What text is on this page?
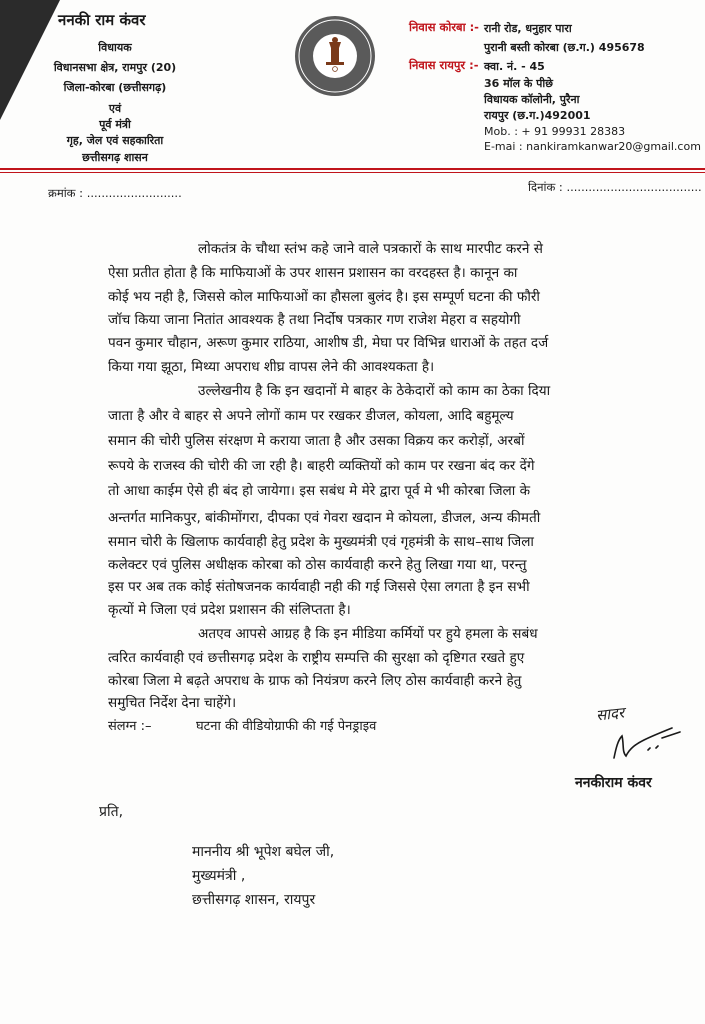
ननकी राम कंवर
विधायक
विधानसभा क्षेत्र, रामपुर (20)
जिला-कोरबा (छत्तीसगढ़)
एवं
पूर्व मंत्री
गृह, जेल एवं सहकारिता
छत्तीसगढ़ शासन
निवास कोरबा :- रानी रोड, धनुहार पारा
पुरानी बस्ती कोरबा (छ.ग.) 495678
निवास रायपुर :- क्वा. नं. - 45
36 मॉल के पीछे
विधायक कॉलोनी, पुरैना
रायपुर (छ.ग.)492001
Mob. : + 91 99931 28383
E-mai : nankiramkanwar20@gmail.com
क्रमांक : ..........................	दिनांक : .....................................
लोकतंत्र के चौथा स्तंभ कहे जाने वाले पत्रकारों के साथ मारपीट करने से
ऐसा प्रतीत होता है कि माफियाओं के उपर शासन प्रशासन का वरदहस्त है। कानून का
कोई भय नही है, जिससे कोल माफियाओं का हौसला बुलंद है। इस सम्पूर्ण घटना की फौरी
जॉच किया जाना नितांत आवश्यक है तथा निर्दोष पत्रकार गण राजेश मेहरा व सहयोगी
पवन कुमार चौहान, अरूण कुमार राठिया, आशीष डी, मेघा पर विभिन्न धाराओं के तहत दर्ज
किया गया झूठा, मिथ्या अपराध शीघ्र वापस लेने की आवश्यकता है।
उल्लेखनीय है कि इन खदानों मे बाहर के ठेकेदारों को काम का ठेका दिया
जाता है और वे बाहर से अपने लोगों काम पर रखकर डीजल, कोयला, आदि बहुमूल्य
समान की चोरी पुलिस संरक्षण मे कराया जाता है और उसका विक्रय कर करोड़ों, अरबों
रूपये के राजस्व की चोरी की जा रही है। बाहरी व्यक्तियों को काम पर रखना बंद कर देंगे
तो आधा काईम ऐसे ही बंद हो जायेगा। इस सबंध मे मेरे द्वारा पूर्व मे भी कोरबा जिला के
अन्तर्गत मानिकपुर, बांकीमोंगरा, दीपका एवं गेवरा खदान मे कोयला, डीजल, अन्य कीमती
समान चोरी के खिलाफ कार्यवाही हेतु प्रदेश के मुख्यमंत्री एवं गृहमंत्री के साथ–साथ जिला
कलेक्टर एवं पुलिस अधीक्षक कोरबा को ठोस कार्यवाही करने हेतु लिखा गया था, परन्तु
इस पर अब तक कोई संतोषजनक कार्यवाही नही की गई जिससे ऐसा लगता है इन सभी
कृत्यों मे जिला एवं प्रदेश प्रशासन की संलिप्तता है।
अतएव आपसे आग्रह है कि इन मीडिया कर्मियों पर हुये हमला के सबंध
त्वरित कार्यवाही एवं छत्तीसगढ़ प्रदेश के राष्ट्रीय सम्पत्ति की सुरक्षा को दृष्टिगत रखते हुए
कोरबा जिला मे बढ़ते अपराध के ग्राफ को नियंत्रण करने लिए ठोस कार्यवाही करने हेतु
समुचित निर्देश देना चाहेंगे।
संलग्न :–	घटना की वीडियोग्राफी की गई पेनड्राइव
सादर
ननकीराम कंवर
प्रति,
माननीय श्री भूपेश बघेल जी,
मुख्यमंत्री ,
छत्तीसगढ़ शासन, रायपुर
